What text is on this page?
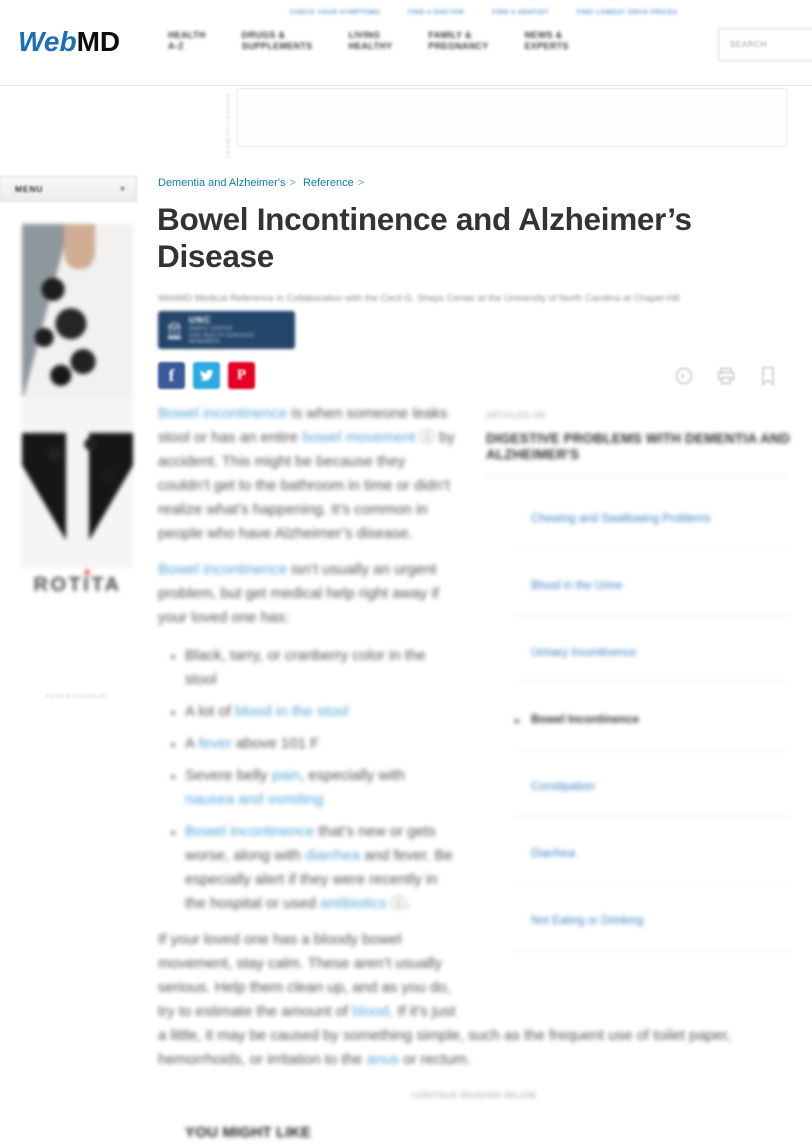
WebMD
CHECK YOUR SYMPTOMS	FIND A DOCTOR	FIND A DENTIST	FIND LOWEST DRUG PRICES
HEALTH
A-Z
DRUGS &
SUPPLEMENTS
LIVING
HEALTHY
FAMILY &
PREGNANCY
NEWS &
EXPERTS
SEARCH
ADVERTISEMENT
MENU	▾
ROTI
TA
ADVERTISEMENT
Dementia and Alzheimer's > Reference >
Bowel Incontinence and Alzheimer’s Disease
WebMD Medical Reference in Collaboration with the Cecil G. Sheps Center at the University of North Carolina at Chapel Hill
UNC
SHEPS CENTER
FOR HEALTH SERVICES RESEARCH
f	P
ARTICLES ON
DIGESTIVE PROBLEMS WITH DEMENTIA AND ALZHEIMER'S
Chewing and Swallowing Problems
Blood in the Urine
Urinary Incontinence
▶ Bowel Incontinence
Constipation
Diarrhea
Not Eating or Drinking

Bowel incontinence is when someone leaks stool or has an entire bowel movement ⓘ by accident. This might be because they couldn’t get to the bathroom in time or didn’t realize what’s happening. It’s common in people who have Alzheimer’s disease.

Bowel incontinence isn’t usually an urgent problem, but get medical help right away if your loved one has:

• Black, tarry, or cranberry color in the stool
• A lot of blood in the stool
• A fever above 101 F
• Severe belly pain, especially with nausea and vomiting
• Bowel incontinence that’s new or gets worse, along with diarrhea and fever. Be especially alert if they were recently in the hospital or used antibiotics ⓘ.

If your loved one has a bloody bowel movement, stay calm. These aren’t usually serious. Help them clean up, and as you do, try to estimate the amount of blood. If it’s just a little, it may be caused by something simple, such as the frequent use of toilet paper, hemorrhoids, or irritation to the anus or rectum.

CONTINUE READING BELOW
YOU MIGHT LIKE
